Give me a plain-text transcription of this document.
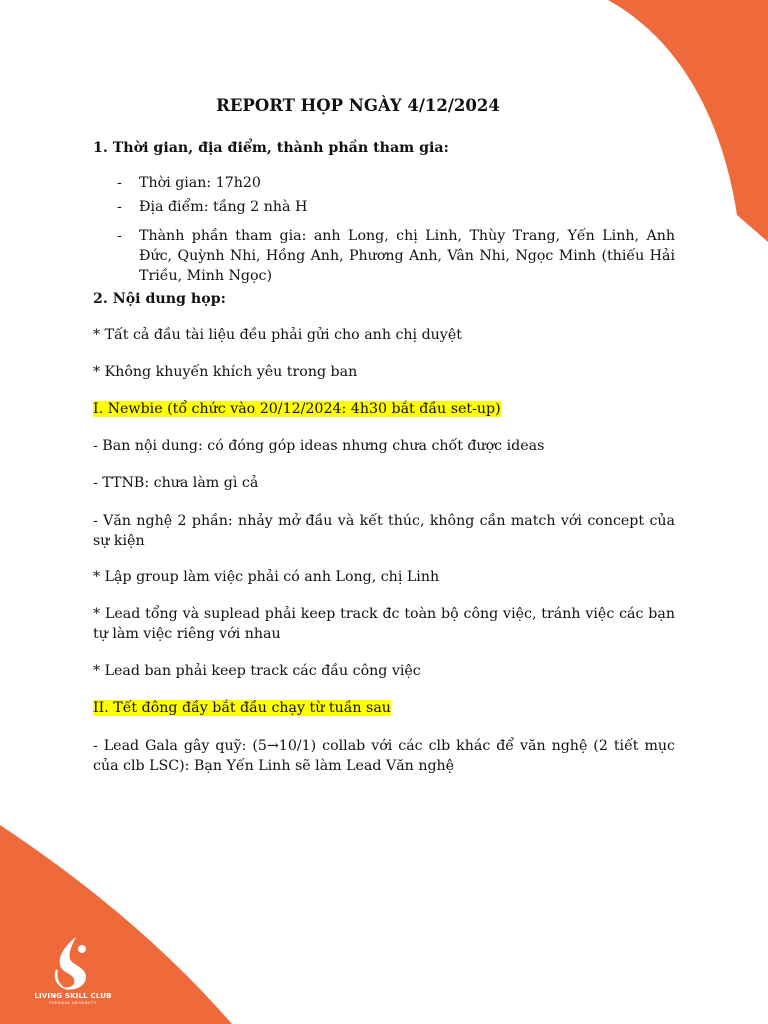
REPORT HỌP NGÀY 4/12/2024
1. Thời gian, địa điểm, thành phần tham gia:
- Thời gian: 17h20
- Địa điểm: tầng 2 nhà H
- Thành phần tham gia: anh Long, chị Linh, Thùy Trang, Yến Linh, Anh Đức, Quỳnh Nhi, Hồng Anh, Phương Anh, Vân Nhi, Ngọc Minh (thiếu Hải Triều, Minh Ngọc)
2. Nội dung họp:
* Tất cả đầu tài liệu đều phải gửi cho anh chị duyệt
* Không khuyến khích yêu trong ban
I. Newbie (tổ chức vào 20/12/2024: 4h30 bắt đầu set-up)
- Ban nội dung: có đóng góp ideas nhưng chưa chốt được ideas
- TTNB: chưa làm gì cả
- Văn nghệ 2 phần: nhảy mở đầu và kết thúc, không cần match với concept của sự kiện
* Lập group làm việc phải có anh Long, chị Linh
* Lead tổng và suplead phải keep track đc toàn bộ công việc, tránh việc các bạn tự làm việc riêng với nhau
* Lead ban phải keep track các đầu công việc
II. Tết đông đầy bắt đầu chạy từ tuần sau
- Lead Gala gây quỹ: (5→10/1) collab với các clb khác để văn nghệ (2 tiết mục của clb LSC): Bạn Yến Linh sẽ làm Lead Văn nghệ
LIVING SKILL CLUB
PHENIKAA UNIVERSITY
